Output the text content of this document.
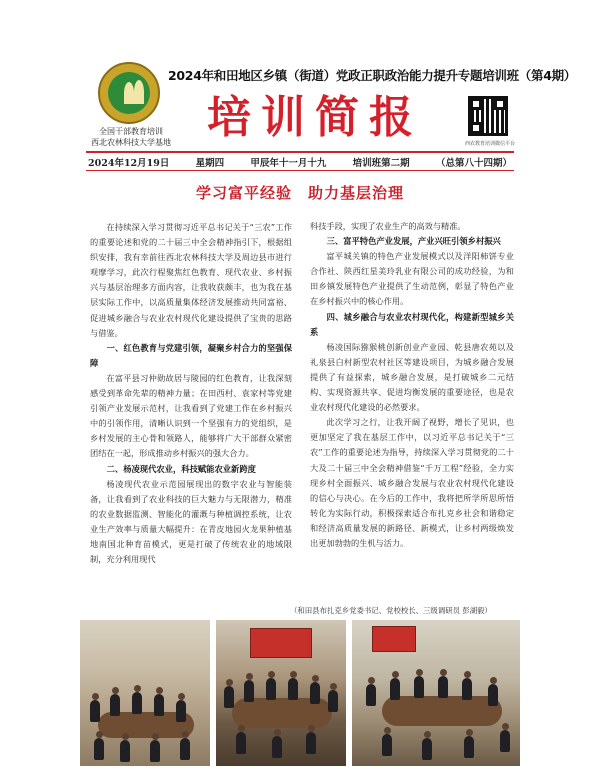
全国干部教育培训
西北农林科技大学基地
2024年和田地区乡镇（街道）党政正职政治能力提升专题培训班（第4期）
培训简报
西农教育培训微信平台
2024年12月19日	星期四	甲辰年十一月十九	培训班第二期	（总第八十四期）
学习富平经验　助力基层治理

在持续深入学习贯彻习近平总书记关于“三农”工作的重要论述和党的二十届三中全会精神指引下，根据组织安排，我有幸前往西北农林科技大学及周边县市进行观摩学习，此次行程聚焦红色教育、现代农业、乡村振兴与基层治理多方面内容，让我收获颇丰，也为我在基层实际工作中，以高质量集体经济发展推动共同富裕、促进城乡融合与农业农村现代化建设提供了宝贵的思路与借鉴。

一、红色教育与党建引领，凝聚乡村合力的坚强保障

在富平县习仲勋故居与陵园的红色教育，让我深刻感受到革命先辈的精神力量；在田西村、袁家村等党建引领产业发展示范村，让我看到了党建工作在乡村振兴中的引领作用，清晰认识到一个坚强有力的党组织，是乡村发展的主心骨和领路人，能够将广大干部群众紧密团结在一起，形成推动乡村振兴的强大合力。

二、杨凌现代农业，科技赋能农业新跨度

杨凌现代农业示范园展现出的数字农业与智能装备，让我看到了农业科技的巨大魅力与无限潜力，精准的农业数据监测、智能化的灌溉与种植调控系统，让农业生产效率与质量大幅提升：在青皮地园火龙果种植基地南国北种育苗模式，更是打破了传统农业的地域限制，充分利用现代

科技手段，实现了农业生产的高效与精准。

三、富平特色产业发展，产业兴旺引领乡村振兴

富平城关镇的特色产业发展模式以及洋阳柿饼专业合作社、陕西红星美玲乳业有限公司的成功经验，为和田乡镇发展特色产业提供了生动范例，彰显了特色产业在乡村振兴中的核心作用。

四、城乡融合与农业农村现代化，构建新型城乡关系

杨凌国际猕猴桃创新创业产业园、乾县唐农苑以及礼泉县白村新型农村社区等建设项目，为城乡融合发展提供了有益探索，城乡融合发展，是打破城乡二元结构、实现资源共享、促进均衡发展的重要途径，也是农业农村现代化建设的必然要求。

此次学习之行，让我开阔了视野，增长了见识，也更加坚定了我在基层工作中，以习近平总书记关于“三农”工作的重要论述为指导，持续深入学习贯彻党的二十大及二十届三中全会精神借鉴“千万工程”经验，全力实现乡村全面振兴、城乡融合发展与农业农村现代化建设的信心与决心。在今后的工作中，我将把所学所思所悟转化为实际行动，积极探索适合布扎克乡社会和谐稳定和经济高质量发展的新路径、新模式，让乡村两级焕发出更加勃勃的生机与活力。

（和田县布扎克乡党委书记、党校校长、三级调研员 彭湖毅）
